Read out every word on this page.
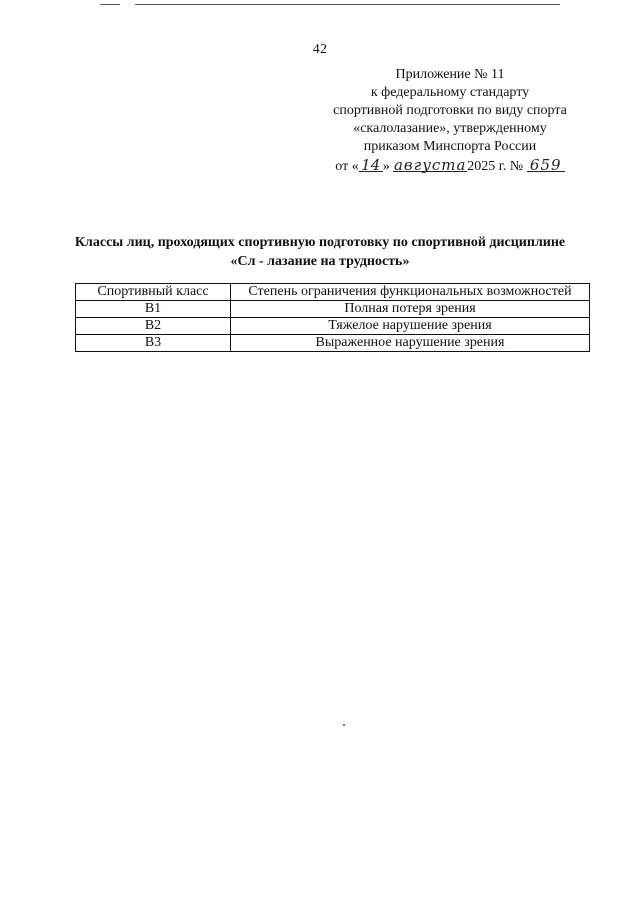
42
Приложение № 11
к федеральному стандарту
спортивной подготовки по виду спорта
«скалолазание», утвержденному
приказом Минспорта России
от « 14 » августа
2025 г. № 659
Классы лиц, проходящих спортивную подготовку по спортивной дисциплине
«Сл - лазание на трудность»
Спортивный класс	Степень ограничения функциональных возможностей
B1	Полная потеря зрения
B2	Тяжелое нарушение зрения
B3	Выраженное нарушение зрения
